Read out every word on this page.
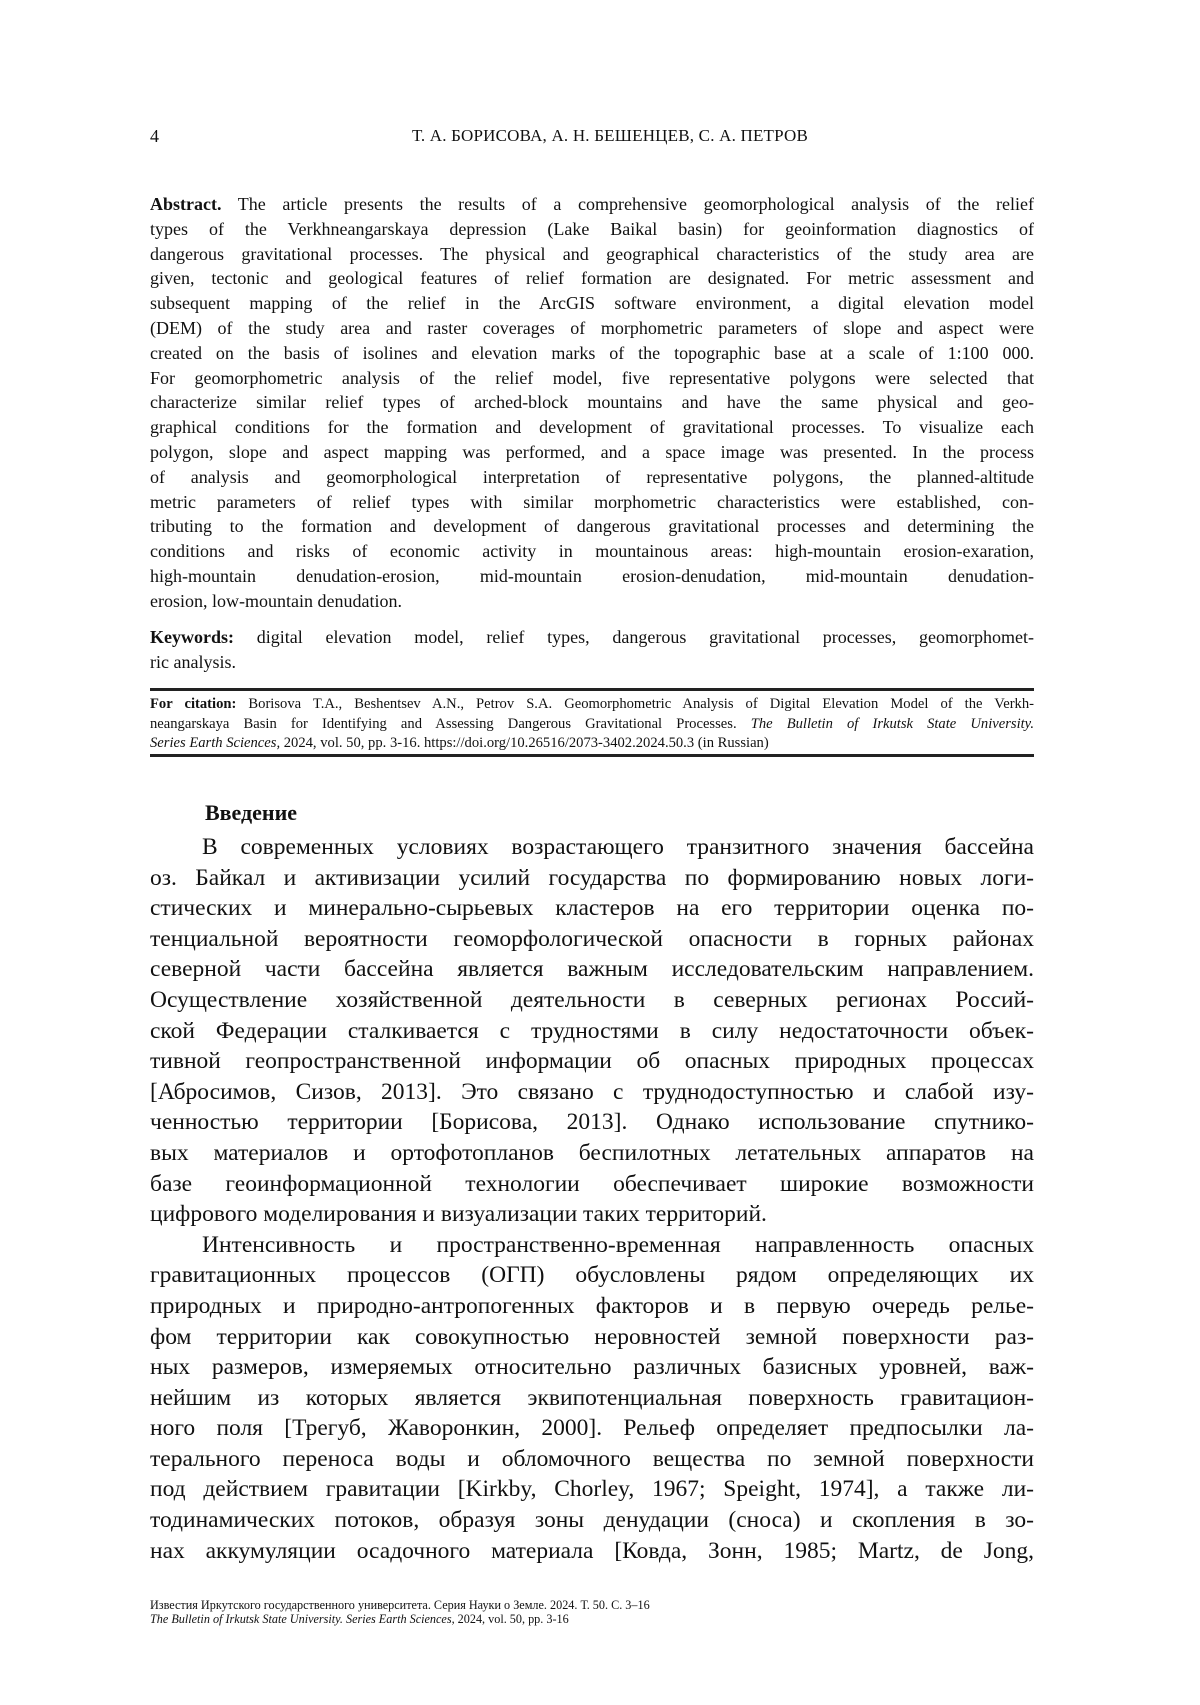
4	Т. А. БОРИСОВА, А. Н. БЕШЕНЦЕВ, С. А. ПЕТРОВ
Abstract. The article presents the results of a comprehensive geomorphological analysis of the relief
types of the Verkhneangarskaya depression (Lake Baikal basin) for geoinformation diagnostics of
dangerous gravitational processes. The physical and geographical characteristics of the study area are
given, tectonic and geological features of relief formation are designated. For metric assessment and
subsequent mapping of the relief in the ArcGIS software environment, a digital elevation model
(DEM) of the study area and raster coverages of morphometric parameters of slope and aspect were
created on the basis of isolines and elevation marks of the topographic base at a scale of 1:100 000.
For geomorphometric analysis of the relief model, five representative polygons were selected that
characterize similar relief types of arched-block mountains and have the same physical and geo-
graphical conditions for the formation and development of gravitational processes. To visualize each
polygon, slope and aspect mapping was performed, and a space image was presented. In the process
of analysis and geomorphological interpretation of representative polygons, the planned-altitude
metric parameters of relief types with similar morphometric characteristics were established, con-
tributing to the formation and development of dangerous gravitational processes and determining the
conditions and risks of economic activity in mountainous areas: high-mountain erosion-exaration,
high-mountain denudation-erosion, mid-mountain erosion-denudation, mid-mountain denudation-
erosion, low-mountain denudation.
Keywords: digital elevation model, relief types, dangerous gravitational processes, geomorphomet-
ric analysis.
For citation: Borisova T.A., Beshentsev A.N., Petrov S.A. Geomorphometric Analysis of Digital Elevation Model of the Verkh-
neangarskaya Basin for Identifying and Assessing Dangerous Gravitational Processes. The Bulletin of Irkutsk State University.
Series Earth Sciences, 2024, vol. 50, pp. 3-16. https://doi.org/10.26516/2073-3402.2024.50.3 (in Russian)
Введение
В современных условиях возрастающего транзитного значения бассейна
оз. Байкал и активизации усилий государства по формированию новых логи-
стических и минерально-сырьевых кластеров на его территории оценка по-
тенциальной вероятности геоморфологической опасности в горных районах
северной части бассейна является важным исследовательским направлением.
Осуществление хозяйственной деятельности в северных регионах Россий-
ской Федерации сталкивается с трудностями в силу недостаточности объек-
тивной геопространственной информации об опасных природных процессах
[Абросимов, Сизов, 2013]. Это связано с труднодоступностью и слабой изу-
ченностью территории [Борисова, 2013]. Однако использование спутнико-
вых материалов и ортофотопланов беспилотных летательных аппаратов на
базе геоинформационной технологии обеспечивает широкие возможности
цифрового моделирования и визуализации таких территорий.
Интенсивность и пространственно-временная направленность опасных
гравитационных процессов (ОГП) обусловлены рядом определяющих их
природных и природно-антропогенных факторов и в первую очередь релье-
фом территории как совокупностью неровностей земной поверхности раз-
ных размеров, измеряемых относительно различных базисных уровней, важ-
нейшим из которых является эквипотенциальная поверхность гравитацион-
ного поля [Трегуб, Жаворонкин, 2000]. Рельеф определяет предпосылки ла-
терального переноса воды и обломочного вещества по земной поверхности
под действием гравитации [Kirkby, Chorley, 1967; Speight, 1974], а также ли-
тодинамических потоков, образуя зоны денудации (сноса) и скопления в зо-
нах аккумуляции осадочного материала [Ковда, Зонн, 1985; Martz, de Jong,
Известия Иркутского государственного университета. Серия Науки о Земле. 2024. Т. 50. С. 3–16
The Bulletin of Irkutsk State University. Series Earth Sciences, 2024, vol. 50, pp. 3-16
